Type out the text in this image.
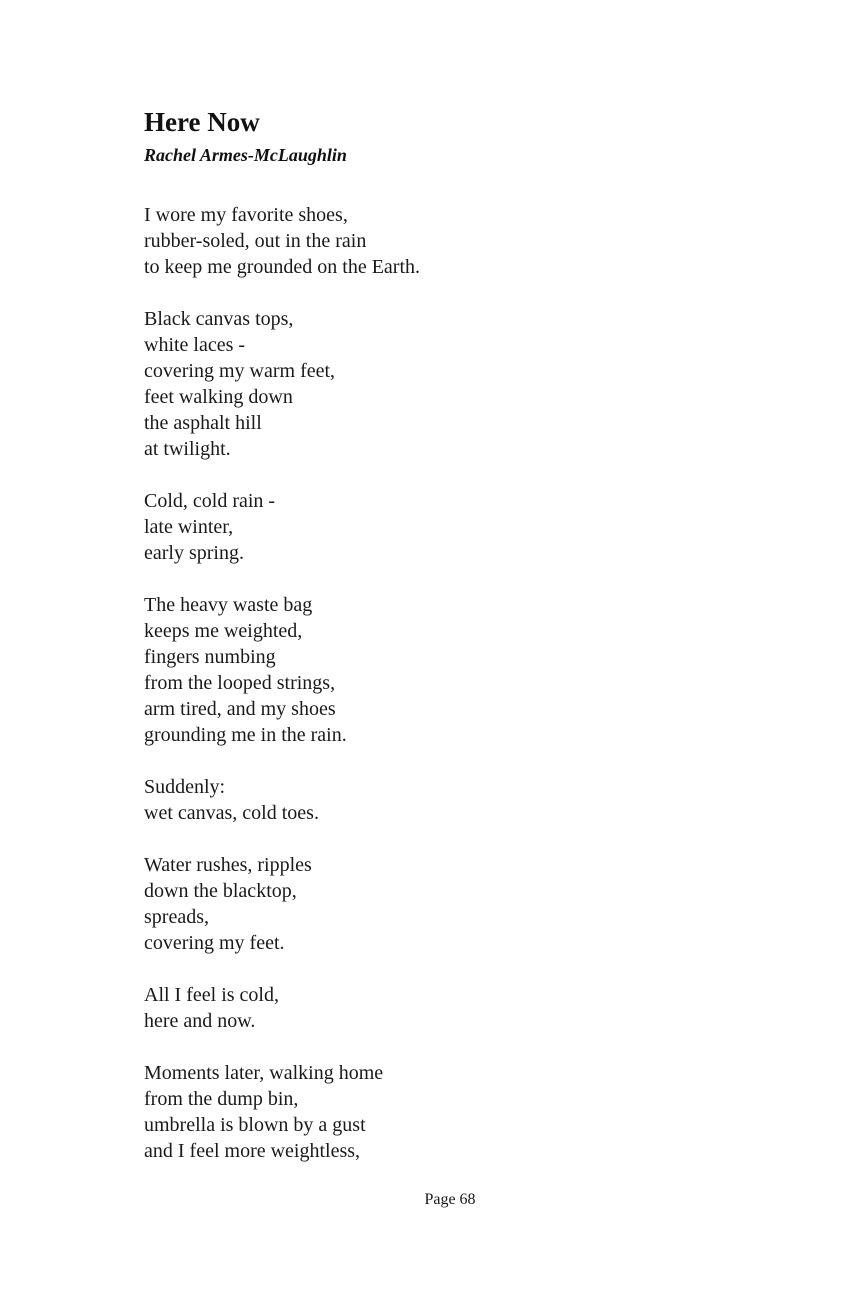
Here Now
Rachel Armes-McLaughlin
I wore my favorite shoes,
rubber-soled, out in the rain
to keep me grounded on the Earth.
Black canvas tops,
white laces -
covering my warm feet,
feet walking down
the asphalt hill
at twilight.
Cold, cold rain -
late winter,
early spring.
The heavy waste bag
keeps me weighted,
fingers numbing
from the looped strings,
arm tired, and my shoes
grounding me in the rain.
Suddenly:
wet canvas, cold toes.
Water rushes, ripples
down the blacktop,
spreads,
covering my feet.
All I feel is cold,
here and now.
Moments later, walking home
from the dump bin,
umbrella is blown by a gust
and I feel more weightless,
Page 68
